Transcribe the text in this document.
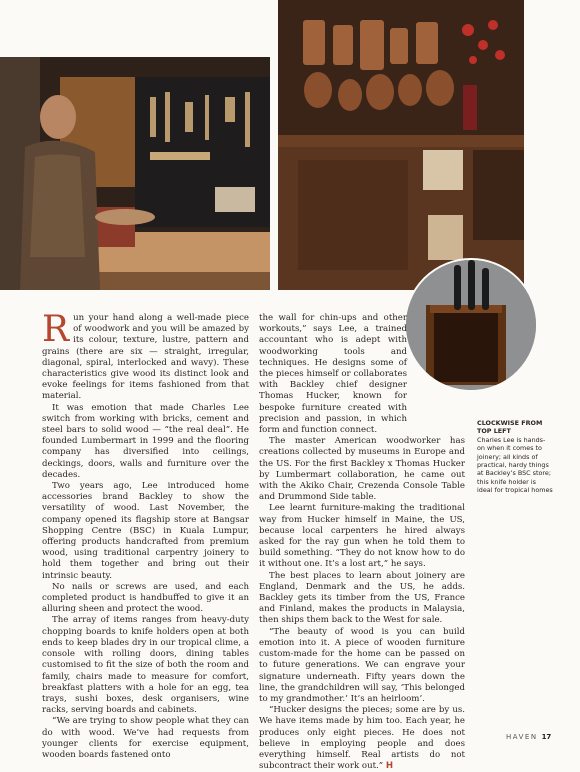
Run your hand along a well-made piece of woodwork and you will be amazed by its colour, texture, lustre, pattern and grains (there are six — straight, irregular, diagonal, spiral, interlocked and wavy). These characteristics give wood its distinct look and evoke feelings for items fashioned from that material.

It was emotion that made Charles Lee switch from working with bricks, cement and steel bars to solid wood — “the real deal”. He founded Lumbermart in 1999 and the flooring company has diversified into ceilings, deckings, doors, walls and furniture over the decades.

Two years ago, Lee introduced home accessories brand Backley to show the versatility of wood. Last November, the company opened its flagship store at Bangsar Shopping Centre (BSC) in Kuala Lumpur, offering products handcrafted from premium wood, using traditional carpentry joinery to hold them together and bring out their intrinsic beauty.

No nails or screws are used, and each completed product is handbuffed to give it an alluring sheen and protect the wood.

The array of items ranges from heavy-duty chopping boards to knife holders open at both ends to keep blades dry in our tropical clime, a console with rolling doors, dining tables customised to fit the size of both the room and family, chairs made to measure for comfort, breakfast platters with a hole for an egg, tea trays, sushi boxes, desk organisers, wine racks, serving boards and cabinets.

“We are trying to show people what they can do with wood. We’ve had requests from younger clients for exercise equipment, wooden boards fastened onto

the wall for chin-ups and other workouts,” says Lee, a trained accountant who is adept with woodworking tools and techniques. He designs some of the pieces himself or collaborates with Backley chief designer Thomas Hucker, known for bespoke furniture created with precision and passion, in which form and function connect.

The master American woodworker has creations collected by museums in Europe and the US. For the first Backley x Thomas Hucker by Lumbermart collaboration, he came out with the Akiko Chair, Crezenda Console Table and Drummond Side table.

Lee learnt furniture-making the traditional way from Hucker himself in Maine, the US, because local carpenters he hired always asked for the ray gun when he told them to build something. “They do not know how to do it without one. It’s a lost art,” he says.

The best places to learn about joinery are England, Denmark and the US, he adds. Backley gets its timber from the US, France and Finland, makes the products in Malaysia, then ships them back to the West for sale.

“The beauty of wood is you can build emotion into it. A piece of wooden furniture custom-made for the home can be passed on to future generations. We can engrave your signature underneath. Fifty years down the line, the grandchildren will say, ‘This belonged to my grandmother.’ It’s an heirloom’.

“Hucker designs the pieces; some are by us. We have items made by him too. Each year, he produces only eight pieces. He does not believe in employing people and does everything himself. Real artists do not subcontract their work out.” H

CLOCKWISE FROM TOP LEFT
Charles Lee is hands-on when it comes to joinery; all kinds of practical, hardy things at Backley’s BSC store; this knife holder is ideal for tropical homes
HAVEN 17
